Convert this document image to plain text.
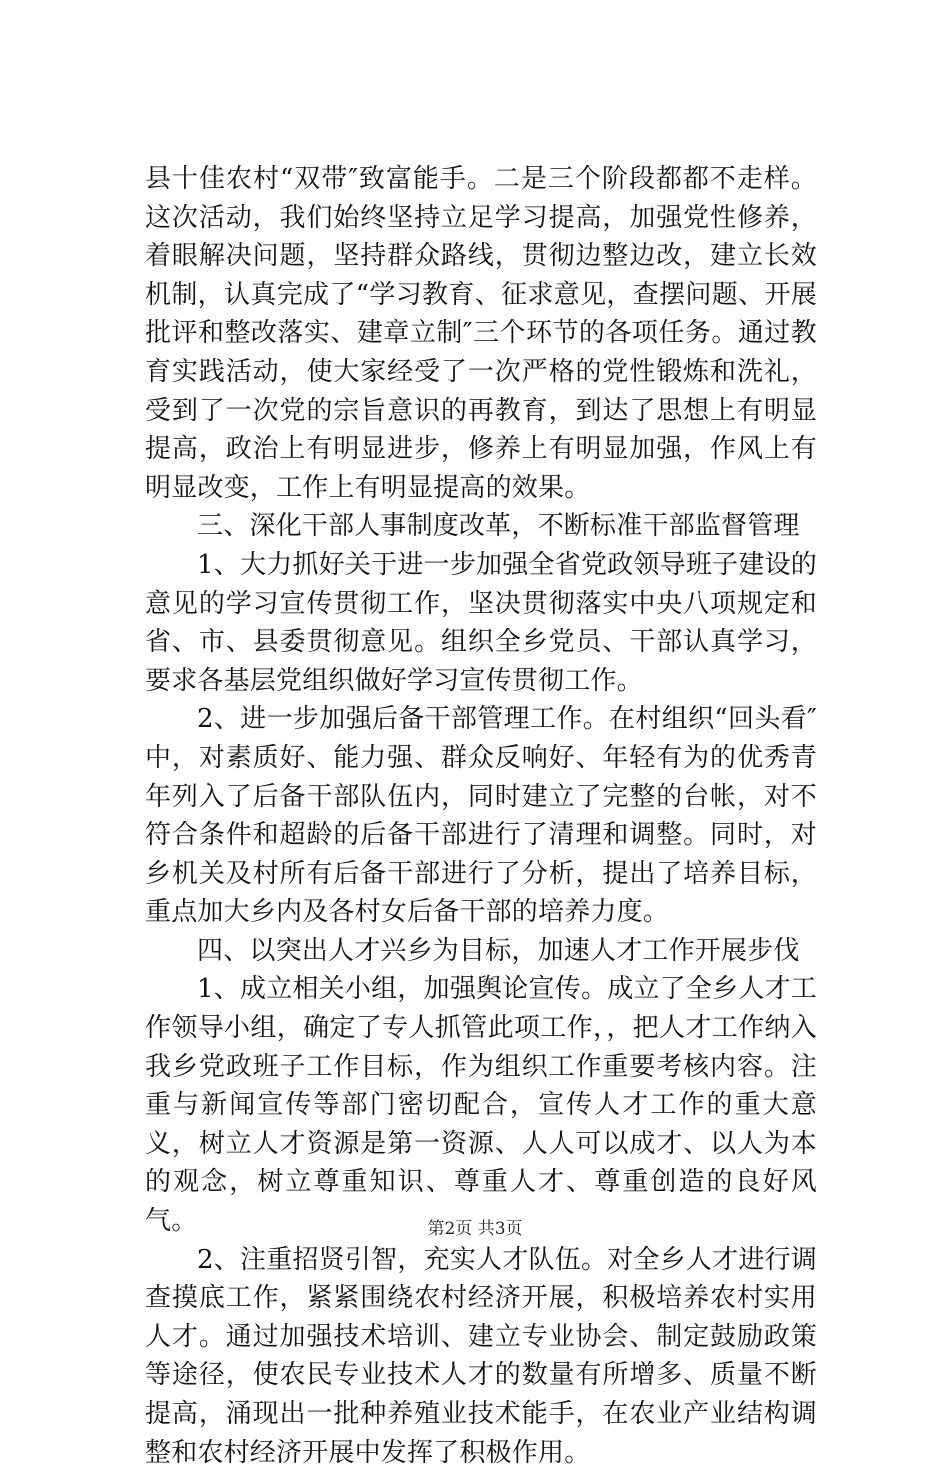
县十佳农村“双带″致富能手。二是三个阶段都都不走样。这次活动，我们始终坚持立足学习提高，加强党性修养，着眼解决问题，坚持群众路线，贯彻边整边改，建立长效机制，认真完成了“学习教育、征求意见，查摆问题、开展批评和整改落实、建章立制″三个环节的各项任务。通过教育实践活动，使大家经受了一次严格的党性锻炼和洗礼，受到了一次党的宗旨意识的再教育，到达了思想上有明显提高，政治上有明显进步，修养上有明显加强，作风上有明显改变，工作上有明显提高的效果。

三、深化干部人事制度改革，不断标准干部监督管理

1、大力抓好关于进一步加强全省党政领导班子建设的意见的学习宣传贯彻工作，坚决贯彻落实中央八项规定和省、市、县委贯彻意见。组织全乡党员、干部认真学习，要求各基层党组织做好学习宣传贯彻工作。

2、进一步加强后备干部管理工作。在村组织“回头看″中，对素质好、能力强、群众反响好、年轻有为的优秀青年列入了后备干部队伍内，同时建立了完整的台帐，对不符合条件和超龄的后备干部进行了清理和调整。同时，对乡机关及村所有后备干部进行了分析，提出了培养目标，重点加大乡内及各村女后备干部的培养力度。

四、以突出人才兴乡为目标，加速人才工作开展步伐

1、成立相关小组，加强舆论宣传。成立了全乡人才工作领导小组，确定了专人抓管此项工作，，把人才工作纳入我乡党政班子工作目标，作为组织工作重要考核内容。注重与新闻宣传等部门密切配合，宣传人才工作的重大意义，树立人才资源是第一资源、人人可以成才、以人为本的观念，树立尊重知识、尊重人才、尊重创造的良好风气。

2、注重招贤引智，充实人才队伍。对全乡人才进行调查摸底工作，紧紧围绕农村经济开展，积极培养农村实用人才。通过加强技术培训、建立专业协会、制定鼓励政策等途径，使农民专业技术人才的数量有所增多、质量不断提高，涌现出一批种养殖业技术能手，在农业产业结构调整和农村经济开展中发挥了积极作用。

第2页 共3页
